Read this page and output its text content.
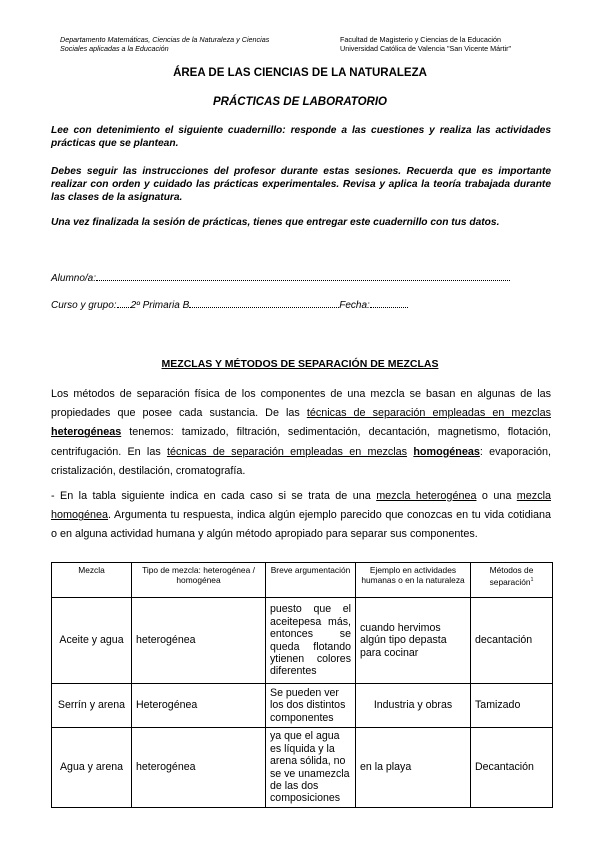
Departamento Matemáticas, Ciencias de la Naturaleza y Ciencias
Sociales aplicadas a la Educación
Facultad de Magisterio y Ciencias de la Educación
Universidad Católica de Valencia "San Vicente Mártir"
ÁREA DE LAS CIENCIAS DE LA NATURALEZA
PRÁCTICAS DE LABORATORIO
Lee con detenimiento el siguiente cuadernillo: responde a las cuestiones y realiza las actividades prácticas que se plantean.
Debes seguir las instrucciones del profesor durante estas sesiones. Recuerda que es importante realizar con orden y cuidado las prácticas experimentales. Revisa y aplica la teoría trabajada durante las clases de la asignatura.
Una vez finalizada la sesión de prácticas, tienes que entregar este cuadernillo con tus datos.
Alumno/a:
Curso y grupo: 2º Primaria B	Fecha:
MEZCLAS Y MÉTODOS DE SEPARACIÓN DE MEZCLAS
Los métodos de separación física de los componentes de una mezcla se basan en algunas de las propiedades que posee cada sustancia. De las técnicas de separación empleadas en mezclas heterogéneas tenemos: tamizado, filtración, sedimentación, decantación, magnetismo, flotación, centrifugación. En las técnicas de separación empleadas en mezclas homogéneas: evaporación, cristalización, destilación, cromatografía.
- En la tabla siguiente indica en cada caso si se trata de una mezcla heterogénea o una mezcla homogénea. Argumenta tu respuesta, indica algún ejemplo parecido que conozcas en tu vida cotidiana o en alguna actividad humana y algún método apropiado para separar sus componentes.
Mezcla	Tipo de mezcla: heterogénea / homogénea	Breve argumentación	Ejemplo en actividades humanas o en la naturaleza	Métodos de separación$^1$
Aceite y agua	heterogénea	puesto que el aceitepesa más, entonces se queda flotando ytienen colores diferentes	cuando hervimos algún tipo depasta para cocinar	decantación
Serrín y arena	Heterogénea	Se pueden ver los dos distintos componentes	Industria y obras	Tamizado
Agua y arena	heterogénea	ya que el agua es líquida y la arena sólida, no se ve unamezcla de las dos composiciones	en la playa	Decantación
